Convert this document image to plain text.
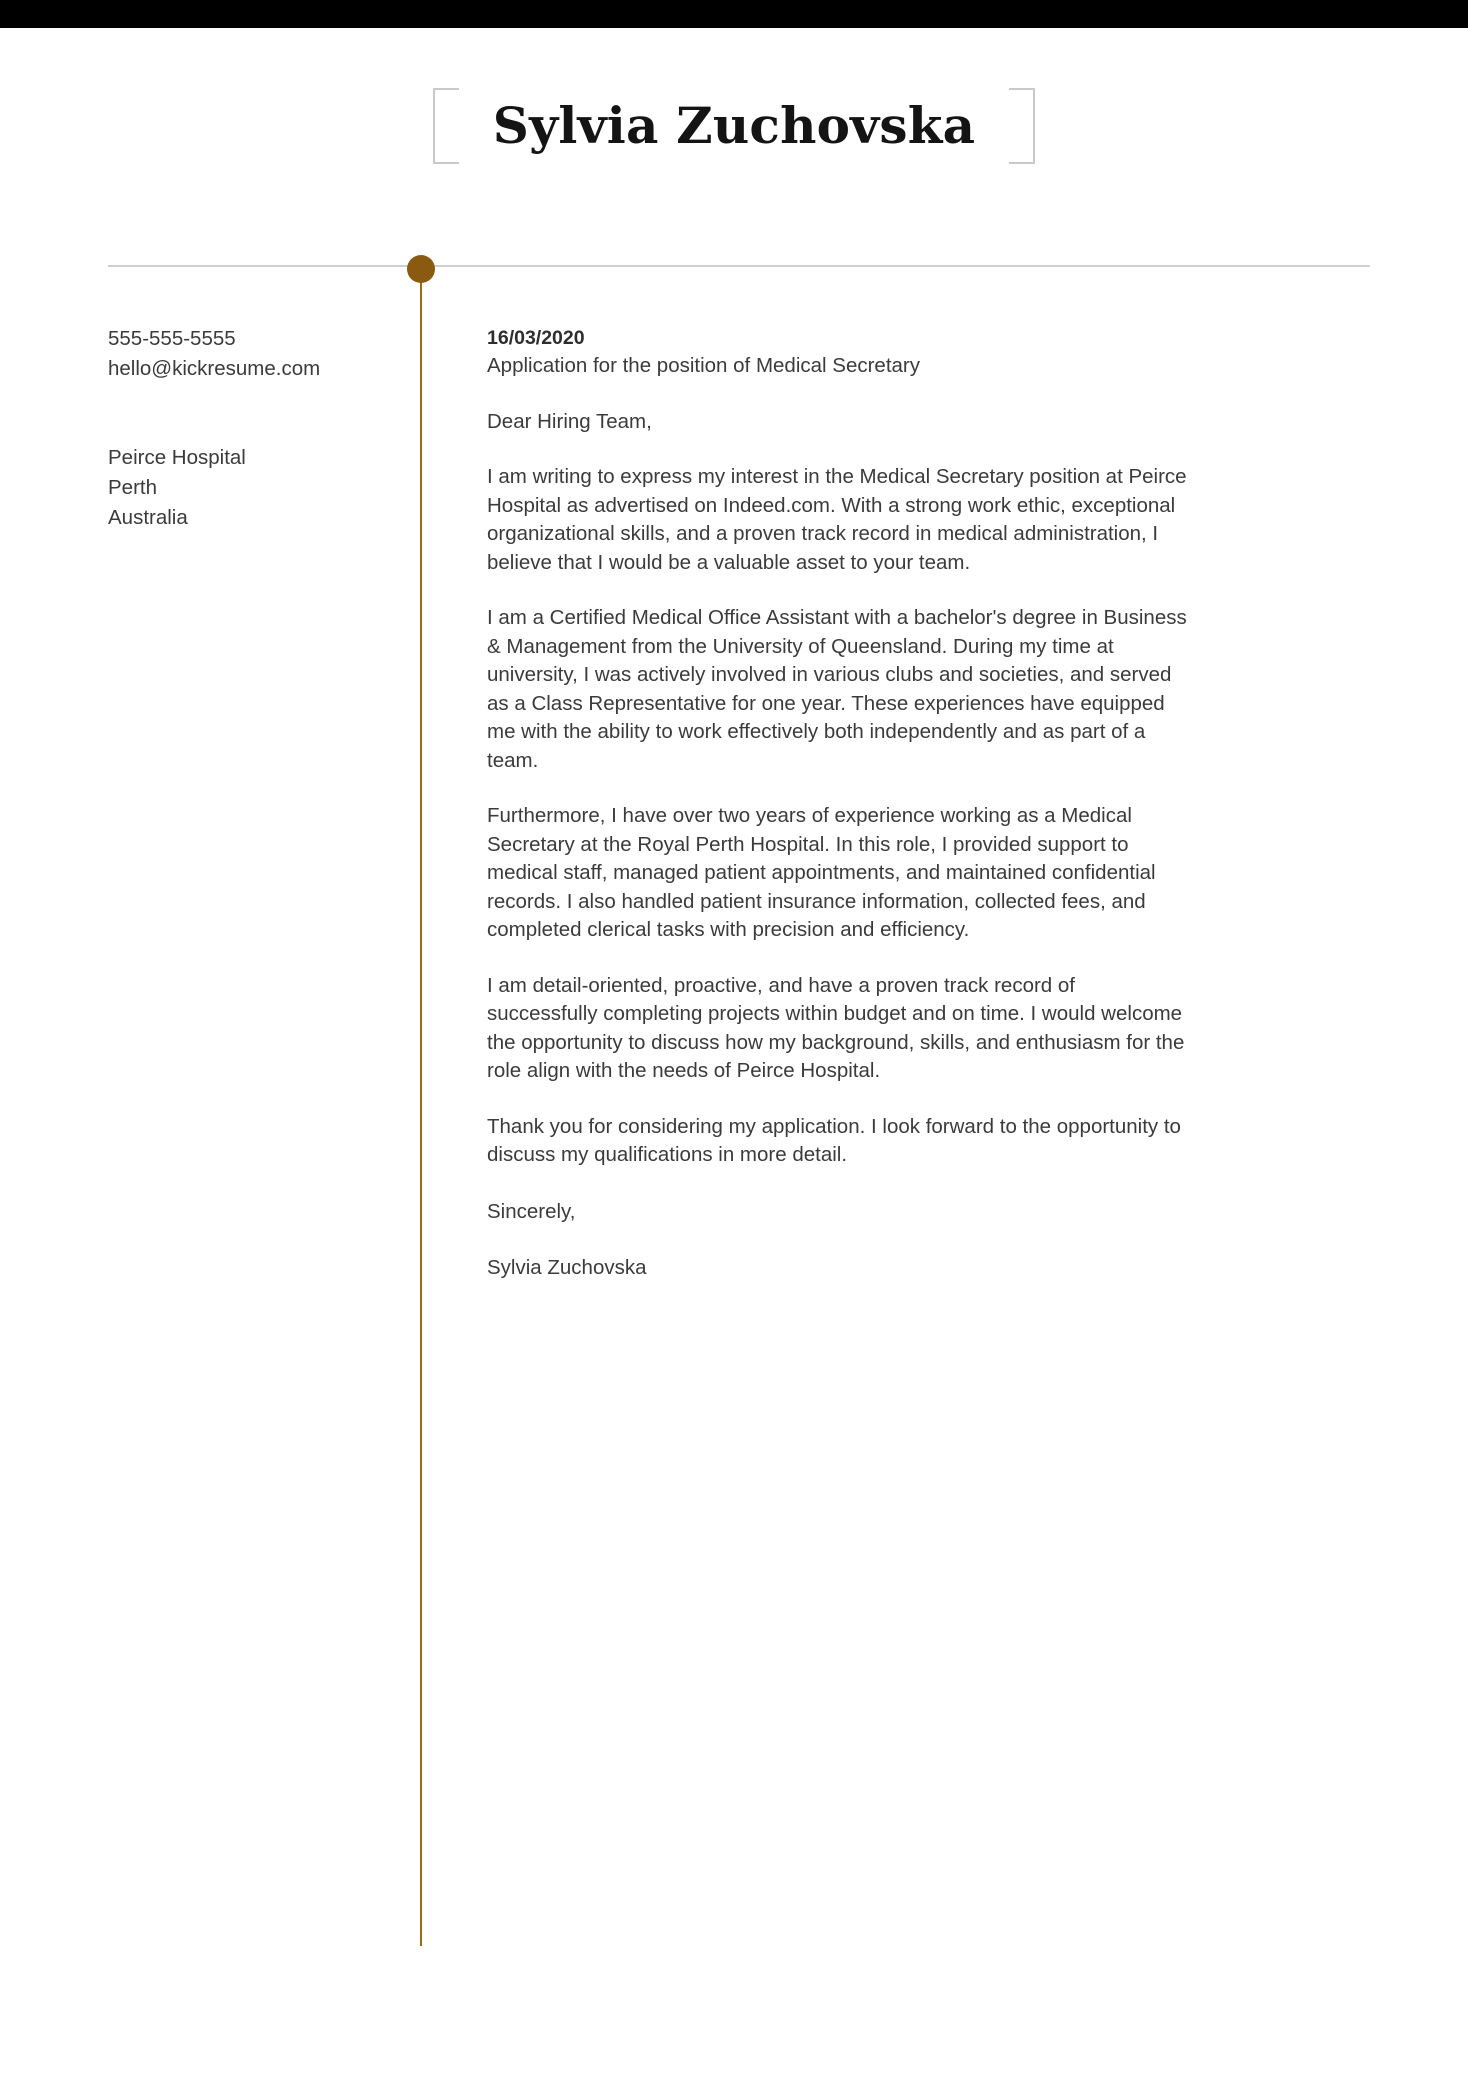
Sylvia Zuchovska
555-555-5555
hello@kickresume.com
Peirce Hospital
Perth
Australia
16/03/2020
Application for the position of Medical Secretary
Dear Hiring Team,
I am writing to express my interest in the Medical Secretary position at Peirce Hospital as advertised on Indeed.com. With a strong work ethic, exceptional organizational skills, and a proven track record in medical administration, I believe that I would be a valuable asset to your team.
I am a Certified Medical Office Assistant with a bachelor's degree in Business & Management from the University of Queensland. During my time at university, I was actively involved in various clubs and societies, and served as a Class Representative for one year. These experiences have equipped me with the ability to work effectively both independently and as part of a team.
Furthermore, I have over two years of experience working as a Medical Secretary at the Royal Perth Hospital. In this role, I provided support to medical staff, managed patient appointments, and maintained confidential records. I also handled patient insurance information, collected fees, and completed clerical tasks with precision and efficiency.
I am detail-oriented, proactive, and have a proven track record of successfully completing projects within budget and on time. I would welcome the opportunity to discuss how my background, skills, and enthusiasm for the role align with the needs of Peirce Hospital.
Thank you for considering my application. I look forward to the opportunity to discuss my qualifications in more detail.
Sincerely,
Sylvia Zuchovska
